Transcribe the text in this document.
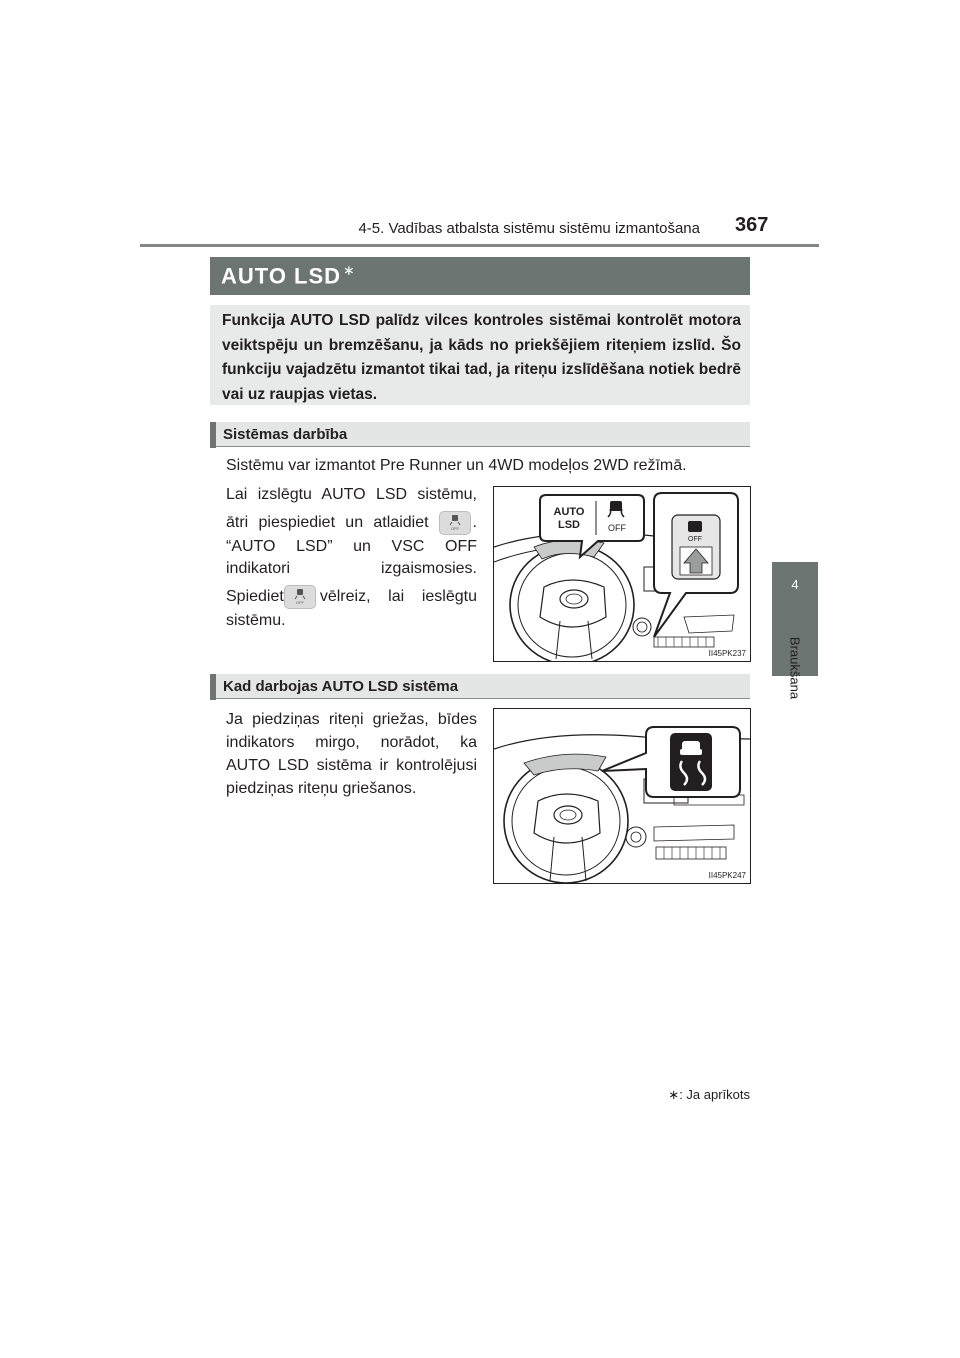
4-5. Vadības atbalsta sistēmu sistēmu izmantošana 367
4
Braukšana
AUTO LSD ∗
Funkcija AUTO LSD palīdz vilces kontroles sistēmai kontrolēt motora veiktspēju un bremzēšanu, ja kāds no priekšējiem riteņiem izslīd. Šo funkciju vajadzētu izmantot tikai tad, ja riteņu izslīdēšana notiek bedrē vai uz raupjas vietas.
Sistēmas darbība
Sistēmu var izmantot Pre Runner un 4WD modeļos 2WD režīmā.
Lai izslēgtu AUTO LSD sistēmu,
ātri piespiediet un atlaidiet	OFF .
“AUTO LSD” un VSC OFF
indikatori izgaismosies.
Spiediet	OFF vēlreiz, lai ieslēgtu
sistēmu.
AUTO
LSD	OFF
OFF
II45PK237
Kad darbojas AUTO LSD sistēma
Ja piedziņas riteņi griežas, bīdes
indikators mirgo, norādot, ka
AUTO LSD sistēma ir kontrolējusi
piedziņas riteņu griešanos.
II45PK247
∗: Ja aprīkots
